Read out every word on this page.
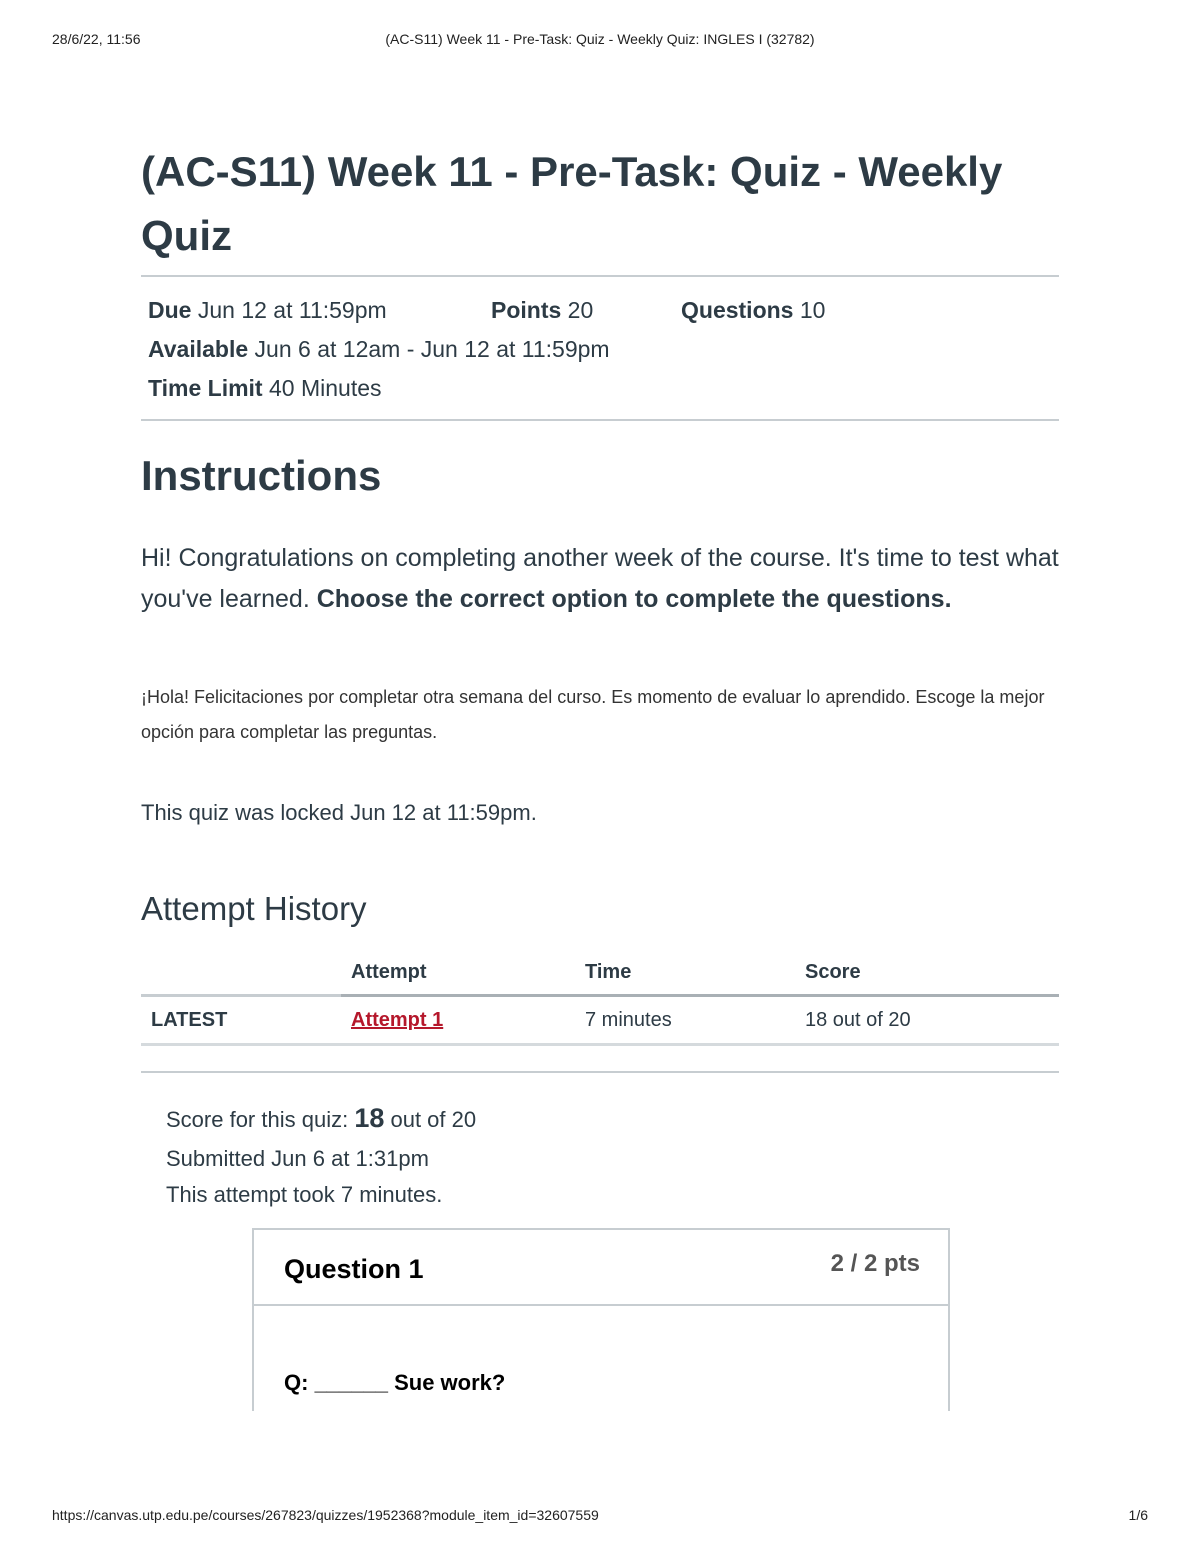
28/6/22, 11:56	(AC-S11) Week 11 - Pre-Task: Quiz - Weekly Quiz: INGLES I (32782)
(AC-S11) Week 11 - Pre-Task: Quiz - Weekly Quiz
Due Jun 12 at 11:59pm	Points 20	Questions 10
Available Jun 6 at 12am - Jun 12 at 11:59pm
Time Limit 40 Minutes
Instructions
Hi! Congratulations on completing another week of the course. It's time to test what you've learned. Choose the correct option to complete the questions.
¡Hola! Felicitaciones por completar otra semana del curso. Es momento de evaluar lo aprendido. Escoge la mejor opción para completar las preguntas.
This quiz was locked Jun 12 at 11:59pm.
Attempt History
	Attempt	Time	Score
LATEST	Attempt 1	7 minutes	18 out of 20
Score for this quiz: 18 out of 20
Submitted Jun 6 at 1:31pm
This attempt took 7 minutes.
Question 1	2 / 2 pts
Q: ______ Sue work?
https://canvas.utp.edu.pe/courses/267823/quizzes/1952368?module_item_id=32607559	1/6
